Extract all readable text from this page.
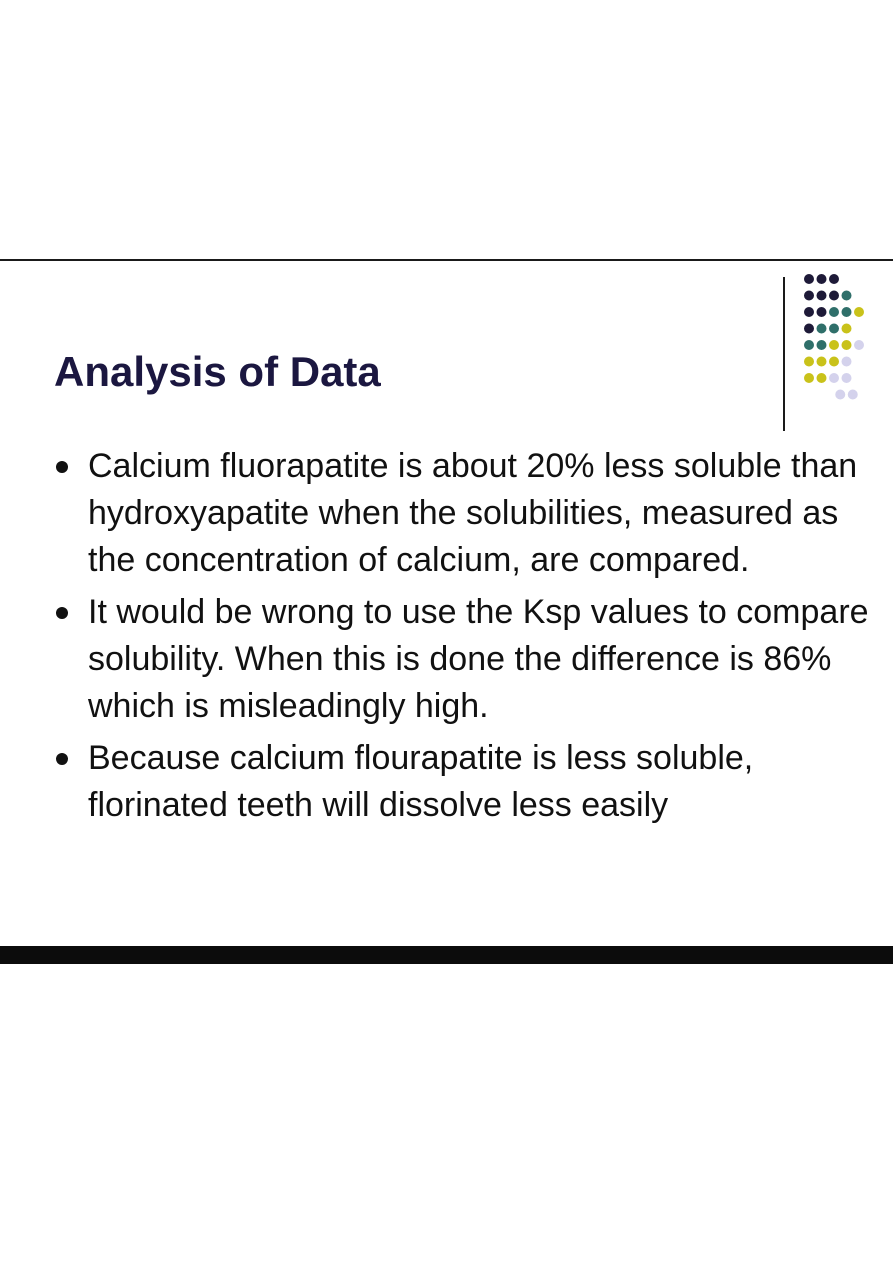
Analysis of Data
Calcium fluorapatite is about 20% less soluble than hydroxyapatite when the solubilities, measured as the concentration of calcium, are compared.
It would be wrong to use the Ksp values to compare solubility. When this is done the difference is 86% which is misleadingly high.
Because calcium flourapatite is less soluble, florinated teeth will dissolve less easily
